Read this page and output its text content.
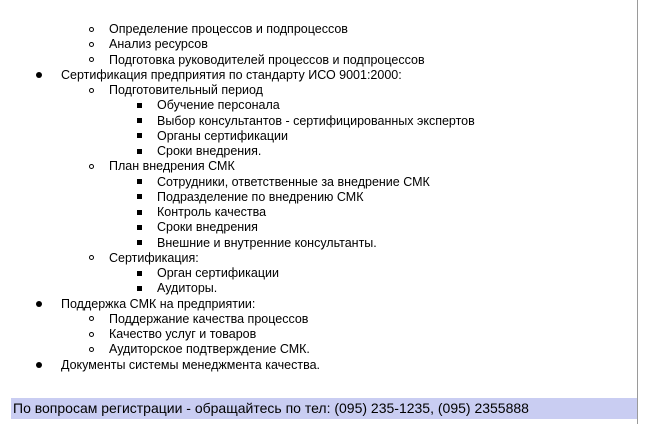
Определение процессов и подпроцессов
Анализ ресурсов
Подготовка руководителей процессов и подпроцессов
Сертификация предприятия по стандарту ИСО 9001:2000:
Подготовительный период
Обучение персонала
Выбор консультантов - сертифицированных экспертов
Органы сертификации
Сроки внедрения.
План внедрения СМК
Сотрудники, ответственные за внедрение СМК
Подразделение по внедрению СМК
Контроль качества
Сроки внедрения
Внешние и внутренние консультанты.
Сертификация:
Орган сертификации
Аудиторы.
Поддержка СМК на предприятии:
Поддержание качества процессов
Качество услуг и товаров
Аудиторское подтверждение СМК.
Документы системы менеджмента качества.
По вопросам регистрации - обращайтесь по тел: (095) 235-1235, (095) 2355888
